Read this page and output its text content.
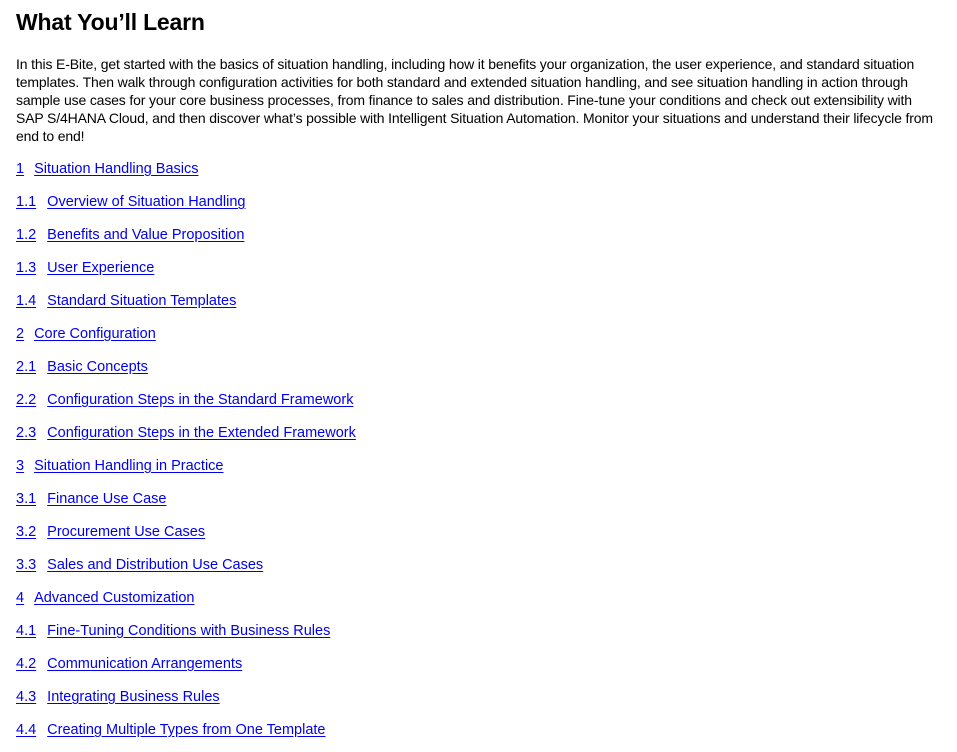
What You’ll Learn

In this E-Bite, get started with the basics of situation handling, including how it benefits your organization, the user experience, and standard situation templates. Then walk through configuration activities for both standard and extended situation handling, and see situation handling in action through sample use cases for your core business processes, from finance to sales and distribution. Fine-tune your conditions and check out extensibility with SAP S/4HANA Cloud, and then discover what’s possible with Intelligent Situation Automation. Monitor your situations and understand their lifecycle from end to end!

1 Situation Handling Basics
1.1 Overview of Situation Handling
1.2 Benefits and Value Proposition
1.3 User Experience
1.4 Standard Situation Templates
2 Core Configuration
2.1 Basic Concepts
2.2 Configuration Steps in the Standard Framework
2.3 Configuration Steps in the Extended Framework
3 Situation Handling in Practice
3.1 Finance Use Case
3.2 Procurement Use Cases
3.3 Sales and Distribution Use Cases
4 Advanced Customization
4.1 Fine-Tuning Conditions with Business Rules
4.2 Communication Arrangements
4.3 Integrating Business Rules
4.4 Creating Multiple Types from One Template
